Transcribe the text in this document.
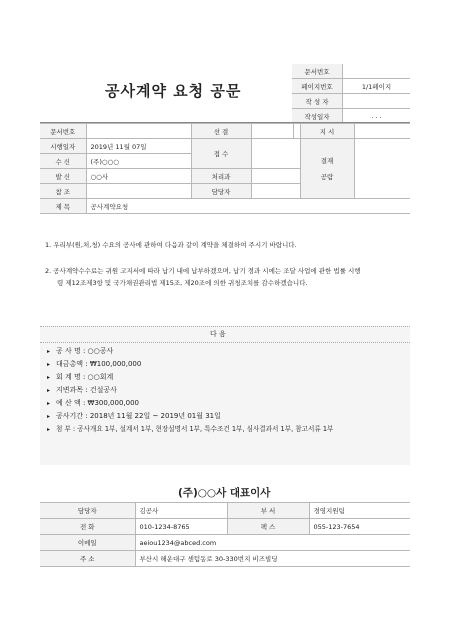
공사계약 요청 공문
문서번호	
페이지번호	1/1페이지
작 성 자	
작성일자	. . .
문서번호		선 결			지 시	
시행일자	2019년 11월 07일	접 수			결재
공람	

수 신	(주)○○○					
발 신	○○사	처리과				
참 조		담당자				
제 목	공사계약요청					
1. 우리부(원,처,청) 수요의 공사에 관하여 다음과 같이 계약을 체결하여 주시기 바랍니다.
2. 공사계약수수료는 귀원 고지서에 따라 납기 내에 납부하겠으며, 납기 경과 시에는 조달 사업에 관한 법률 시행
령 제12조제3항 및 국가채권관리법 제15조, 제20조에 의한 귀청조치를 감수하겠습니다.
다 음
▸ 공 사 명 : ○○공사
▸ 대금총액 : ₩100,000,000
▸ 회 계 명 : ○○회계
▸ 지변과목 : 건설공사
▸ 예 산 액 : ₩300,000,000
▸ 공사기간 : 2018년 11월 22일 ~ 2019년 01월 31일
▸ 첨 부 : 공사개요 1부, 설계서 1부, 현장설명서 1부, 특수조건 1부, 심사결과서 1부, 참고서류 1부
(주)○○사 대표이사
담당자	김공사	부 서	경영지원팀
전 화	010-1234-8765	팩 스	055-123-7654
이메일	aeiou1234@abced.com		
주 소	부산시 해운대구 센텀동로 30-330번지 비즈빌딩		
